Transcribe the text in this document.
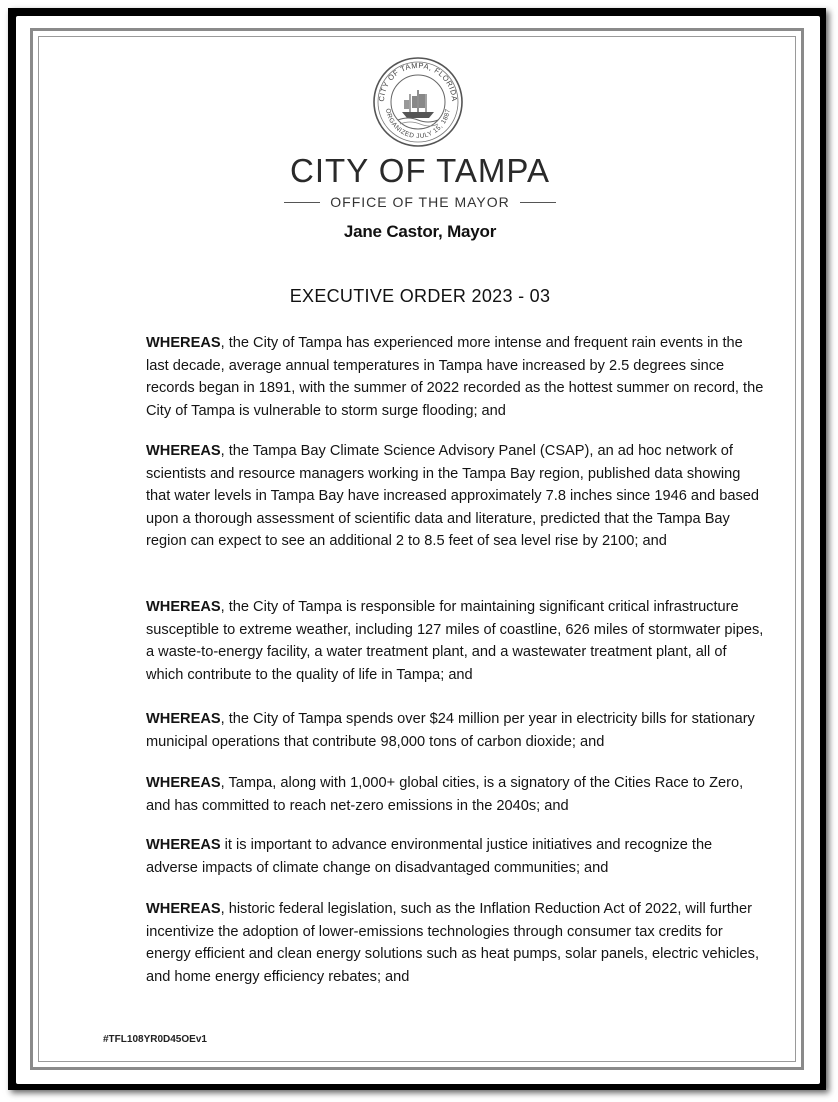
CITY OF TAMPA, FLORIDA
ORGANIZED JULY 15, 1887
CITY OF TAMPA
OFFICE OF THE MAYOR
Jane Castor, Mayor
EXECUTIVE ORDER 2023 - 03

WHEREAS, the City of Tampa has experienced more intense and frequent rain events in the last decade, average annual temperatures in Tampa have increased by 2.5 degrees since records began in 1891, with the summer of 2022 recorded as the hottest summer on record, the City of Tampa is vulnerable to storm surge flooding; and

WHEREAS, the Tampa Bay Climate Science Advisory Panel (CSAP), an ad hoc network of scientists and resource managers working in the Tampa Bay region, published data showing that water levels in Tampa Bay have increased approximately 7.8 inches since 1946 and based upon a thorough assessment of scientific data and literature, predicted that the Tampa Bay region can expect to see an additional 2 to 8.5 feet of sea level rise by 2100; and

WHEREAS, the City of Tampa is responsible for maintaining significant critical infrastructure susceptible to extreme weather, including 127 miles of coastline, 626 miles of stormwater pipes, a waste-to-energy facility, a water treatment plant, and a wastewater treatment plant, all of which contribute to the quality of life in Tampa; and

WHEREAS, the City of Tampa spends over $24 million per year in electricity bills for stationary municipal operations that contribute 98,000 tons of carbon dioxide; and

WHEREAS, Tampa, along with 1,000+ global cities, is a signatory of the Cities Race to Zero, and has committed to reach net-zero emissions in the 2040s; and

WHEREAS it is important to advance environmental justice initiatives and recognize the adverse impacts of climate change on disadvantaged communities; and

WHEREAS, historic federal legislation, such as the Inflation Reduction Act of 2022, will further incentivize the adoption of lower-emissions technologies through consumer tax credits for energy efficient and clean energy solutions such as heat pumps, solar panels, electric vehicles, and home energy efficiency rebates; and

#TFL108YR0D45OEv1
